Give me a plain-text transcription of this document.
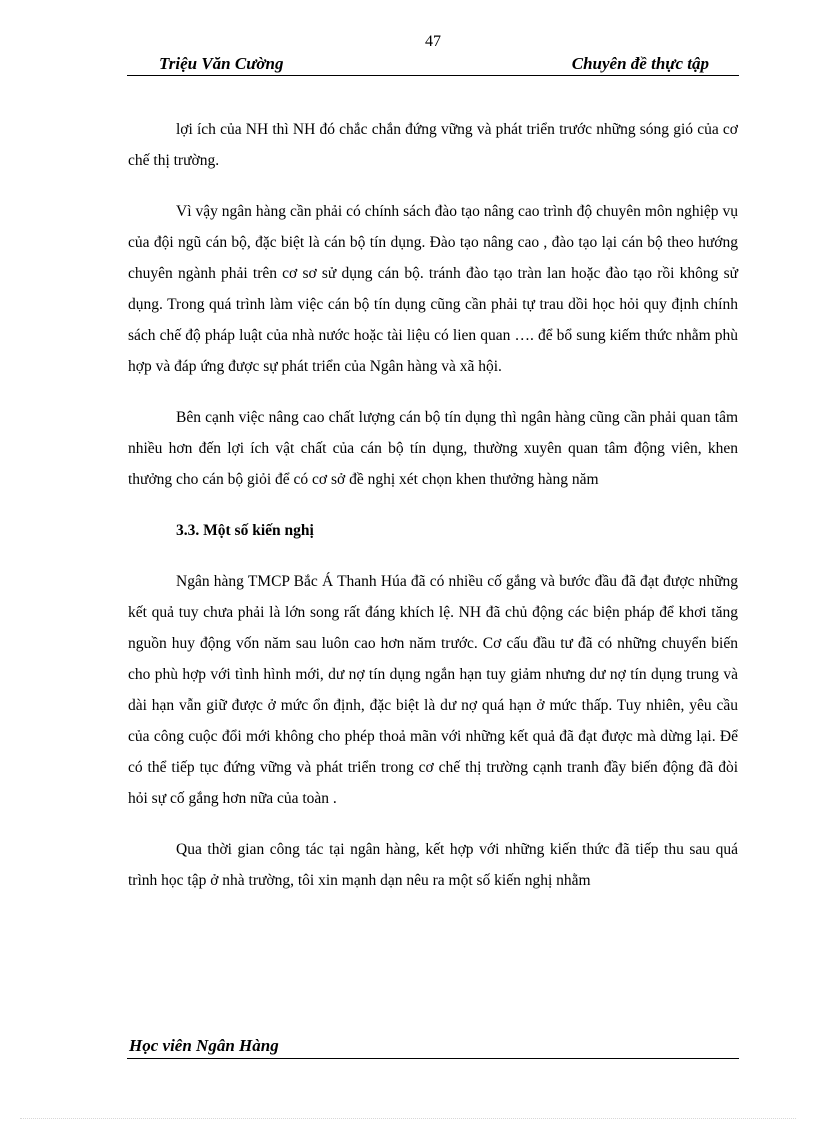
47
Triệu Văn Cường	Chuyên đề thực tập

lợi ích của NH thì NH đó chắc chắn đứng vững và phát triển trước những sóng gió của cơ chế thị trường.

Vì vậy ngân hàng cần phải có chính sách đào tạo nâng cao trình độ chuyên môn nghiệp vụ của đội ngũ cán bộ, đặc biệt là cán bộ tín dụng. Đào tạo nâng cao , đào tạo lại cán bộ theo hướng chuyên ngành phải trên cơ sơ sử dụng cán bộ. tránh đào tạo tràn lan hoặc đào tạo rồi không sử dụng. Trong quá trình làm việc cán bộ tín dụng cũng cần phải tự trau dồi học hỏi quy định chính sách chế độ pháp luật của nhà nước hoặc tài liệu có lien quan …. để bổ sung kiếm thức nhằm phù hợp và đáp ứng được sự phát triển của Ngân hàng và xã hội.

Bên cạnh việc nâng cao chất lượng cán bộ tín dụng thì ngân hàng cũng cần phải quan tâm nhiều hơn đến lợi ích vật chất của cán bộ tín dụng, thường xuyên quan tâm động viên, khen thưởng cho cán bộ giỏi để có cơ sở đề nghị xét chọn khen thưởng hàng năm

3.3. Một số kiến nghị

Ngân hàng TMCP Bắc Á Thanh Húa đã có nhiều cố gắng và bước đầu đã đạt được những kết quả tuy chưa phải là lớn song rất đáng khích lệ. NH đã chủ động các biện pháp để khơi tăng nguồn huy động vốn năm sau luôn cao hơn năm trước. Cơ cấu đầu tư đã có những chuyển biến cho phù hợp với tình hình mới, dư nợ tín dụng ngắn hạn tuy giảm nhưng dư nợ tín dụng trung và dài hạn vẫn giữ được ở mức ổn định, đặc biệt là dư nợ quá hạn ở mức thấp. Tuy nhiên, yêu cầu của công cuộc đổi mới không cho phép thoả mãn với những kết quả đã đạt được mà dừng lại. Để có thể tiếp tục đứng vững và phát triển trong cơ chế thị trường cạnh tranh đầy biến động đã đòi hỏi sự cố gắng hơn nữa của toàn .

Qua thời gian công tác tại ngân hàng, kết hợp với những kiến thức đã tiếp thu sau quá trình học tập ở nhà trường, tôi xin mạnh dạn nêu ra một số kiến nghị nhằm

Học viên Ngân Hàng
